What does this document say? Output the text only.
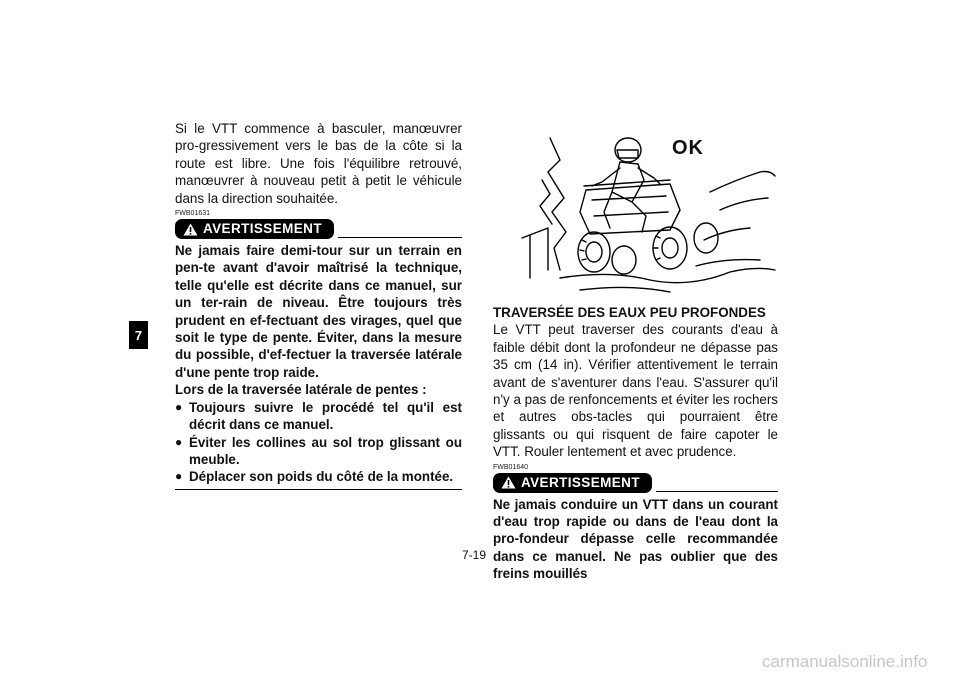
7

Si le VTT commence à basculer, manœuvrer pro-gressivement vers le bas de la côte si la route est libre. Une fois l'équilibre retrouvé, manœuvrer à nouveau petit à petit le véhicule dans la direction souhaitée.

FWB01631
AVERTISSEMENT

Ne jamais faire demi-tour sur un terrain en pen-te avant d'avoir maîtrisé la technique, telle qu'elle est décrite dans ce manuel, sur un ter-rain de niveau. Être toujours très prudent en ef-fectuant des virages, quel que soit le type de pente. Éviter, dans la mesure du possible, d'ef-fectuer la traversée latérale d'une pente trop raide.

Lors de la traversée latérale de pentes :

● Toujours suivre le procédé tel qu'il est décrit dans ce manuel.
● Éviter les collines au sol trop glissant ou meuble.
● Déplacer son poids du côté de la montée.
OK

TRAVERSÉE DES EAUX PEU PROFONDES

Le VTT peut traverser des courants d'eau à faible débit dont la profondeur ne dépasse pas 35 cm (14 in). Vérifier attentivement le terrain avant de s'aventurer dans l'eau. S'assurer qu'il n'y a pas de renfoncements et éviter les rochers et autres obs-tacles qui pourraient être glissants ou qui risquent de faire capoter le VTT. Rouler lentement et avec prudence.

FWB01640
AVERTISSEMENT

Ne jamais conduire un VTT dans un courant d'eau trop rapide ou dans de l'eau dont la pro-fondeur dépasse celle recommandée dans ce manuel. Ne pas oublier que des freins mouillés

7-19
carmanualsonline.info
